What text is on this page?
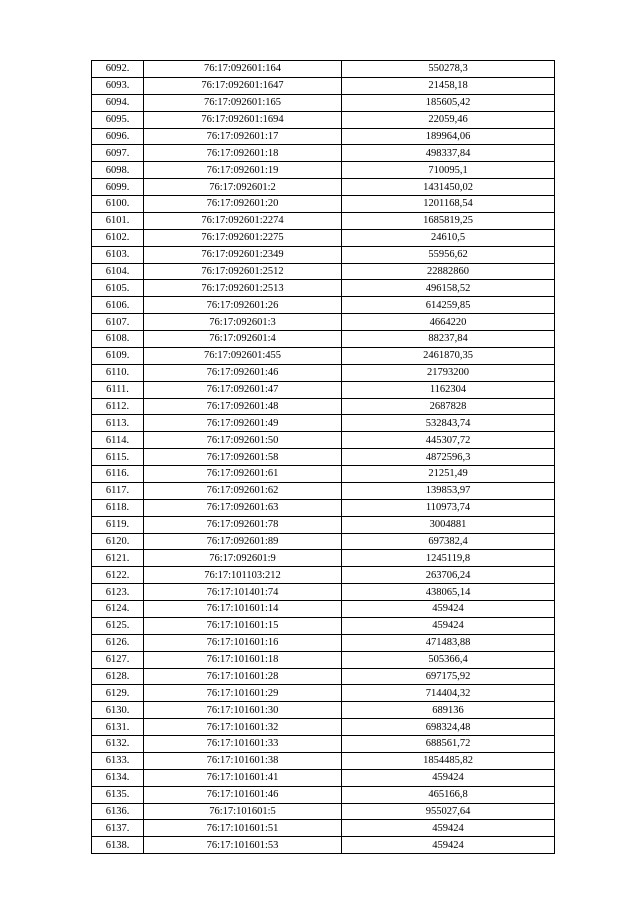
6092.	76:17:092601:164	550278,3
6093.	76:17:092601:1647	21458,18
6094.	76:17:092601:165	185605,42
6095.	76:17:092601:1694	22059,46
6096.	76:17:092601:17	189964,06
6097.	76:17:092601:18	498337,84
6098.	76:17:092601:19	710095,1
6099.	76:17:092601:2	1431450,02
6100.	76:17:092601:20	1201168,54
6101.	76:17:092601:2274	1685819,25
6102.	76:17:092601:2275	24610,5
6103.	76:17:092601:2349	55956,62
6104.	76:17:092601:2512	22882860
6105.	76:17:092601:2513	496158,52
6106.	76:17:092601:26	614259,85
6107.	76:17:092601:3	4664220
6108.	76:17:092601:4	88237,84
6109.	76:17:092601:455	2461870,35
6110.	76:17:092601:46	21793200
6111.	76:17:092601:47	1162304
6112.	76:17:092601:48	2687828
6113.	76:17:092601:49	532843,74
6114.	76:17:092601:50	445307,72
6115.	76:17:092601:58	4872596,3
6116.	76:17:092601:61	21251,49
6117.	76:17:092601:62	139853,97
6118.	76:17:092601:63	110973,74
6119.	76:17:092601:78	3004881
6120.	76:17:092601:89	697382,4
6121.	76:17:092601:9	1245119,8
6122.	76:17:101103:212	263706,24
6123.	76:17:101401:74	438065,14
6124.	76:17:101601:14	459424
6125.	76:17:101601:15	459424
6126.	76:17:101601:16	471483,88
6127.	76:17:101601:18	505366,4
6128.	76:17:101601:28	697175,92
6129.	76:17:101601:29	714404,32
6130.	76:17:101601:30	689136
6131.	76:17:101601:32	698324,48
6132.	76:17:101601:33	688561,72
6133.	76:17:101601:38	1854485,82
6134.	76:17:101601:41	459424
6135.	76:17:101601:46	465166,8
6136.	76:17:101601:5	955027,64
6137.	76:17:101601:51	459424
6138.	76:17:101601:53	459424
